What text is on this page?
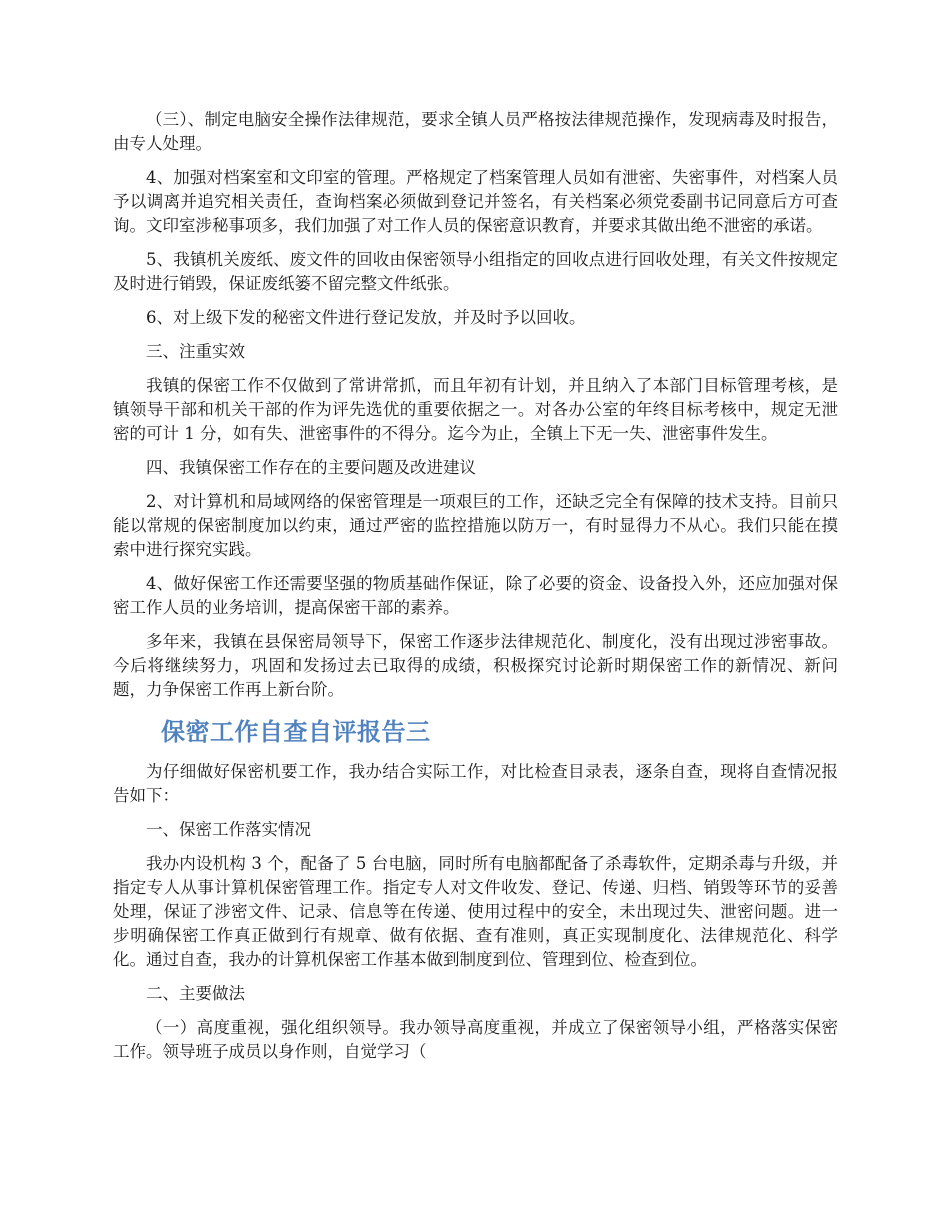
（三）、制定电脑安全操作法律规范，要求全镇人员严格按法律规范操作，发现病毒及时报告，由专人处理。

4、加强对档案室和文印室的管理。严格规定了档案管理人员如有泄密、失密事件，对档案人员予以调离并追究相关责任，查询档案必须做到登记并签名，有关档案必须党委副书记同意后方可查询。文印室涉秘事项多，我们加强了对工作人员的保密意识教育，并要求其做出绝不泄密的承诺。

5、我镇机关废纸、废文件的回收由保密领导小组指定的回收点进行回收处理，有关文件按规定及时进行销毁，保证废纸篓不留完整文件纸张。

6、对上级下发的秘密文件进行登记发放，并及时予以回收。

三、注重实效

我镇的保密工作不仅做到了常讲常抓，而且年初有计划，并且纳入了本部门目标管理考核，是镇领导干部和机关干部的作为评先选优的重要依据之一。对各办公室的年终目标考核中，规定无泄密的可计 1 分，如有失、泄密事件的不得分。迄今为止，全镇上下无一失、泄密事件发生。

四、我镇保密工作存在的主要问题及改进建议

2、对计算机和局域网络的保密管理是一项艰巨的工作，还缺乏完全有保障的技术支持。目前只能以常规的保密制度加以约束，通过严密的监控措施以防万一，有时显得力不从心。我们只能在摸索中进行探究实践。

4、做好保密工作还需要坚强的物质基础作保证，除了必要的资金、设备投入外，还应加强对保密工作人员的业务培训，提高保密干部的素养。

多年来，我镇在县保密局领导下，保密工作逐步法律规范化、制度化，没有出现过涉密事故。今后将继续努力，巩固和发扬过去已取得的成绩，积极探究讨论新时期保密工作的新情况、新问题，力争保密工作再上新台阶。

保密工作自查自评报告三

为仔细做好保密机要工作，我办结合实际工作，对比检查目录表，逐条自查，现将自查情况报告如下：

一、保密工作落实情况

我办内设机构 3 个，配备了 5 台电脑，同时所有电脑都配备了杀毒软件，定期杀毒与升级，并指定专人从事计算机保密管理工作。指定专人对文件收发、登记、传递、归档、销毁等环节的妥善处理，保证了涉密文件、记录、信息等在传递、使用过程中的安全，未出现过失、泄密问题。进一步明确保密工作真正做到行有规章、做有依据、查有准则，真正实现制度化、法律规范化、科学化。通过自查，我办的计算机保密工作基本做到制度到位、管理到位、检查到位。

二、主要做法

（一）高度重视，强化组织领导。我办领导高度重视，并成立了保密领导小组，严格落实保密工作。领导班子成员以身作则，自觉学习（
